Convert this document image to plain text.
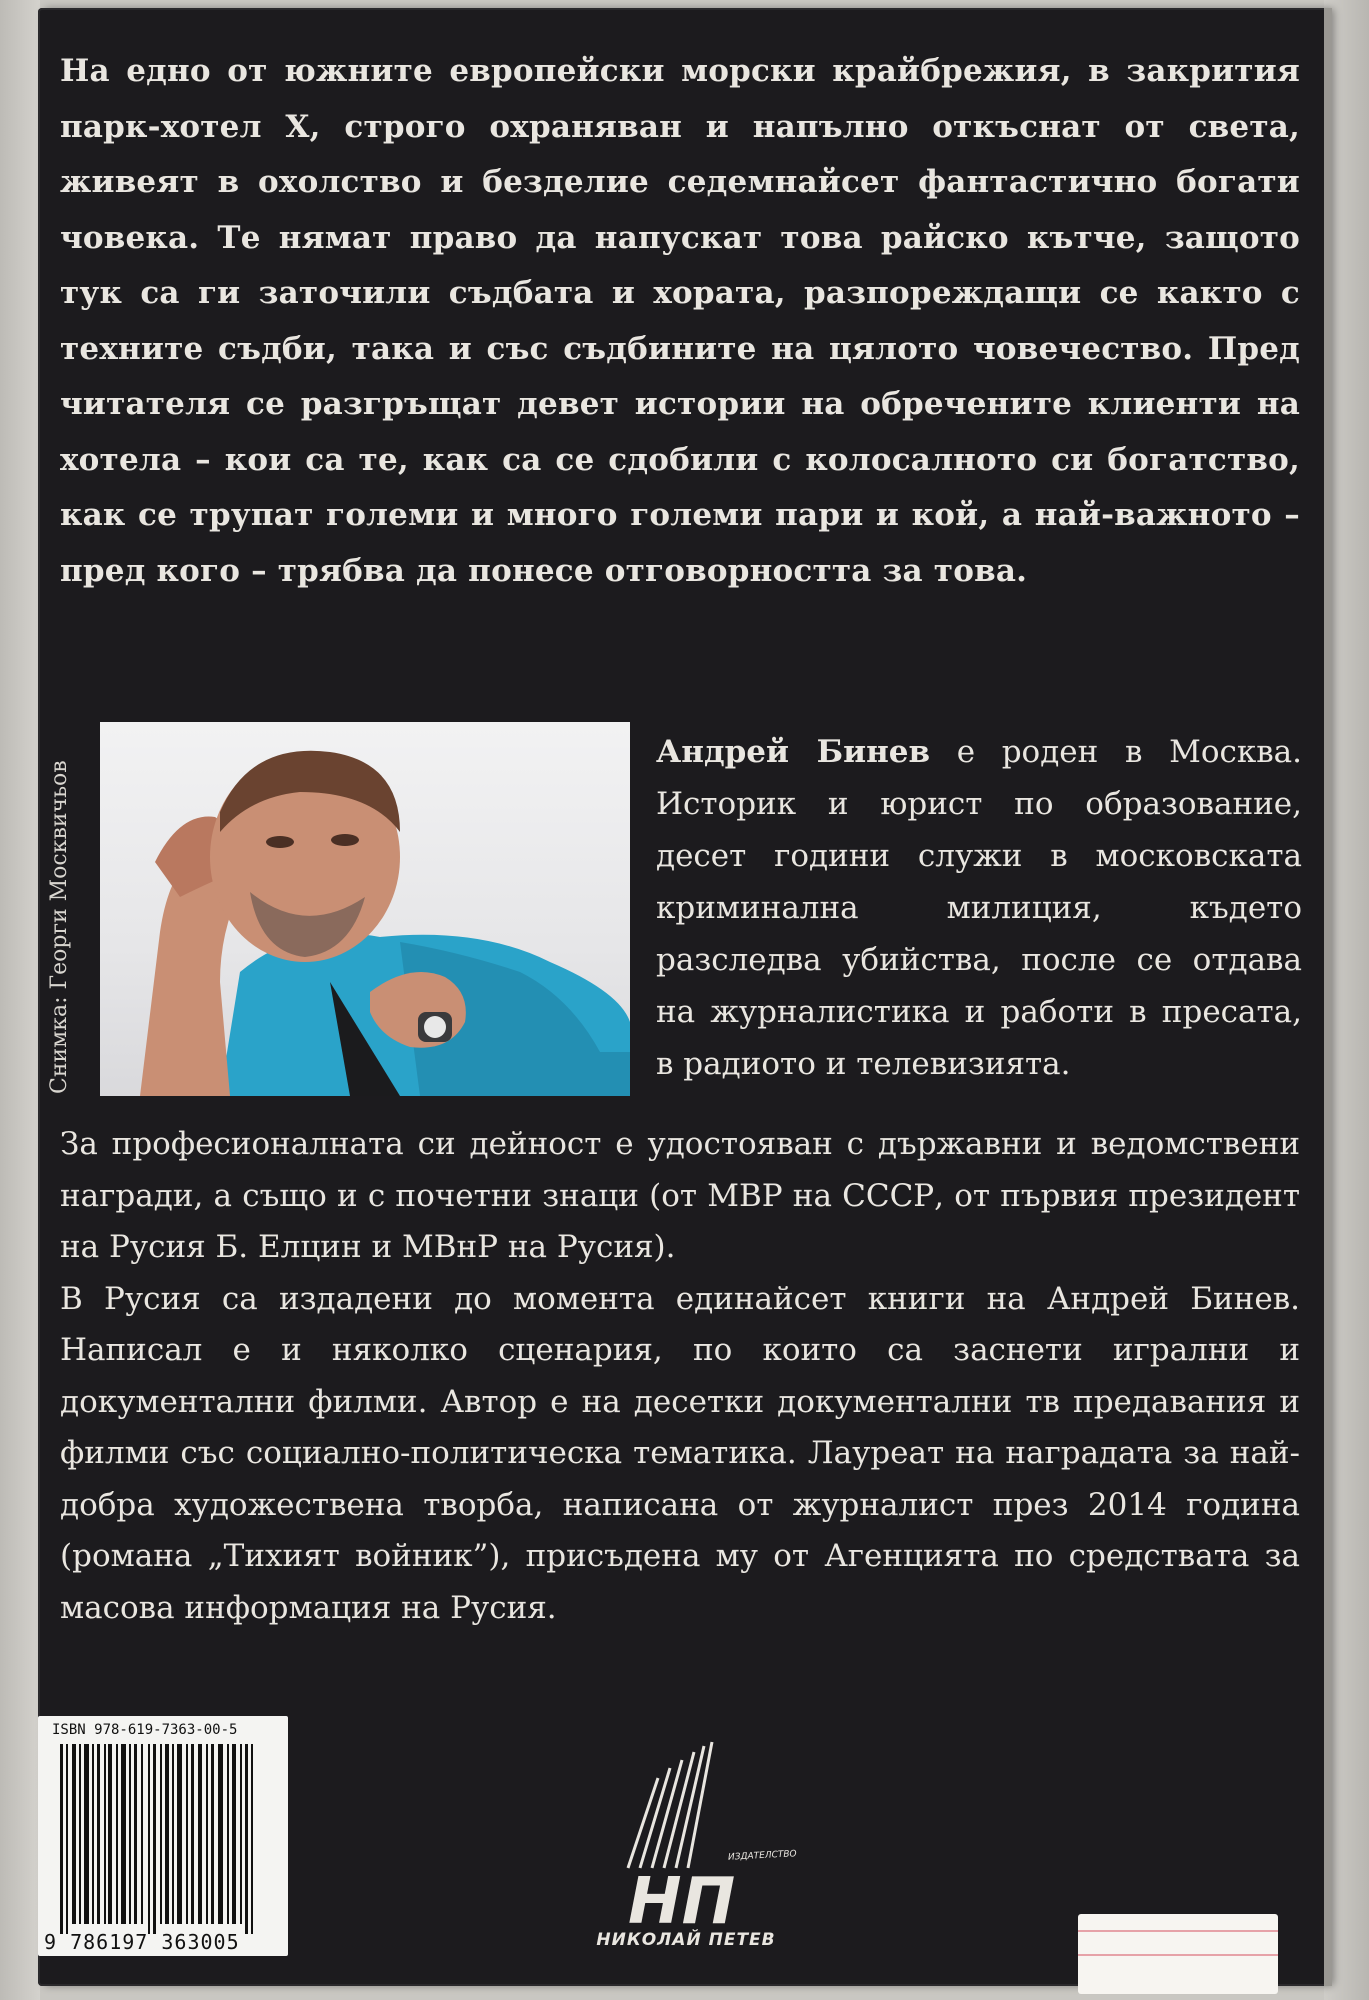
На едно от южните европейски морски крайбрежия, в закрития парк-хотел X, строго охраняван и напълно откъснат от света, живеят в охолство и безделие седемнайсет фантастично богати човека. Те нямат право да напускат това райско кътче, защото тук са ги заточили съдбата и хората, разпореждащи се както с техните съдби, така и със съдбините на цялото човечество. Пред читателя се разгръщат девет истории на обречените клиенти на хотела – кои са те, как са се сдобили с колосалното си богатство, как се трупат големи и много големи пари и кой, а най-важното – пред кого – трябва да понесе отговорността за това.
Снимка: Георги Москвичьов
Андрей Бинев е роден в Москва. Историк и юрист по образование, десет години служи в московската криминална милиция, където разследва убийства, после се отдава на журналистика и работи в пресата, в радиото и телевизията.

За професионалната си дейност е удостояван с държавни и ведомствени награди, а също и с почетни знаци (от МВР на СССР, от първия президент на Русия Б. Елцин и МВнР на Русия).

В Русия са издадени до момента единайсет книги на Андрей Бинев. Написал е и няколко сценария, по които са заснети игрални и документални филми. Автор е на десетки документални тв предавания и филми със социално-политическа тематика. Лауреат на наградата за най-добра художествена творба, написана от журналист през 2014 година (романа „Тихият войник”), присъдена му от Агенцията по средствата за масова информация на Русия.

ISBN 978-619-7363-00-5
9 786197 363005
НП
ИЗДАТЕЛСТВО
НИКОЛАЙ ПЕТЕВ
